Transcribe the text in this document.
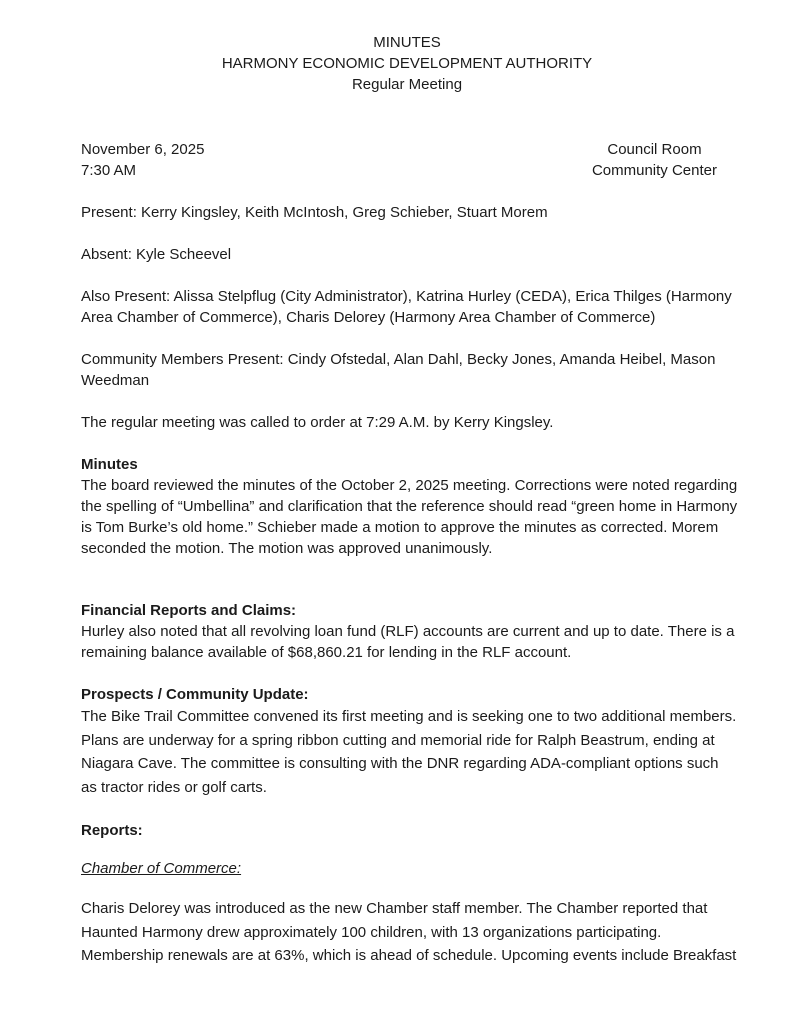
MINUTES
HARMONY ECONOMIC DEVELOPMENT AUTHORITY
Regular Meeting
November 6, 2025
7:30 AM
Council Room
Community Center
Present: Kerry Kingsley, Keith McIntosh, Greg Schieber, Stuart Morem
Absent: Kyle Scheevel
Also Present: Alissa Stelpflug (City Administrator), Katrina Hurley (CEDA), Erica Thilges (Harmony
Area Chamber of Commerce), Charis Delorey (Harmony Area Chamber of Commerce)
Community Members Present: Cindy Ofstedal, Alan Dahl, Becky Jones, Amanda Heibel, Mason
Weedman
The regular meeting was called to order at 7:29 A.M. by Kerry Kingsley.
Minutes
The board reviewed the minutes of the October 2, 2025 meeting. Corrections were noted regarding
the spelling of “Umbellina” and clarification that the reference should read “green home in Harmony
is Tom Burke’s old home.” Schieber made a motion to approve the minutes as corrected. Morem
seconded the motion. The motion was approved unanimously.
Financial Reports and Claims:
Hurley also noted that all revolving loan fund (RLF) accounts are current and up to date. There is a
remaining balance available of $68,860.21 for lending in the RLF account.
Prospects / Community Update:
The Bike Trail Committee convened its first meeting and is seeking one to two additional members.
Plans are underway for a spring ribbon cutting and memorial ride for Ralph Beastrum, ending at
Niagara Cave. The committee is consulting with the DNR regarding ADA-compliant options such
as tractor rides or golf carts.
Reports:
Chamber of Commerce:
Charis Delorey was introduced as the new Chamber staff member. The Chamber reported that
Haunted Harmony drew approximately 100 children, with 13 organizations participating.
Membership renewals are at 63%, which is ahead of schedule. Upcoming events include Breakfast
